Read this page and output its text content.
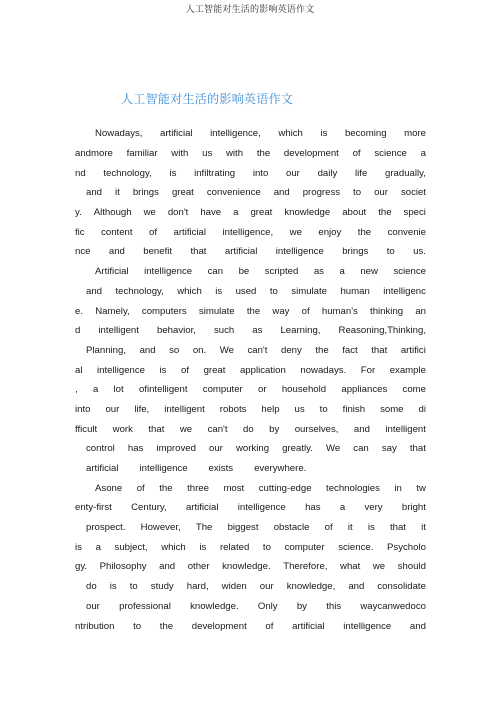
人工智能对生活的影响英语作文
人工智能对生活的影响英语作文
Nowadays, artificial intelligence, which is becoming more
andmore familiar with us with the development of science a
nd technology, is infiltrating into our daily life gradually,
and it brings great convenience and progress to our societ
y. Although we don't have a great knowledge about the speci
fic content of artificial intelligence, we enjoy the convenie
nce and benefit that artificial intelligence brings to us.
Artificial intelligence can be scripted as a new science
and technology, which is used to simulate human intelligenc
e. Namely, computers simulate the way of human's thinking an
d intelligent behavior, such as Learning, Reasoning,Thinking,
Planning, and so on. We can't deny the fact that artifici
al intelligence is of great application nowadays. For example
, a lot ofintelligent computer or household appliances come
into our life, intelligent robots help us to finish some di
fficult work that we can't do by ourselves, and intelligent
control has improved our working greatly. We can say that
artificial intelligence exists everywhere.
Asone of the three most cutting-edge technologies in tw
enty-first Century, artificial intelligence has a very bright
prospect. However, The biggest obstacle of it is that it
is a subject, which is related to computer science. Psycholo
gy. Philosophy and other knowledge. Therefore, what we should
do is to study hard, widen our knowledge, and consolidate
our professional knowledge. Only by this waycanwedoco
ntribution to the development of artificial intelligence and
